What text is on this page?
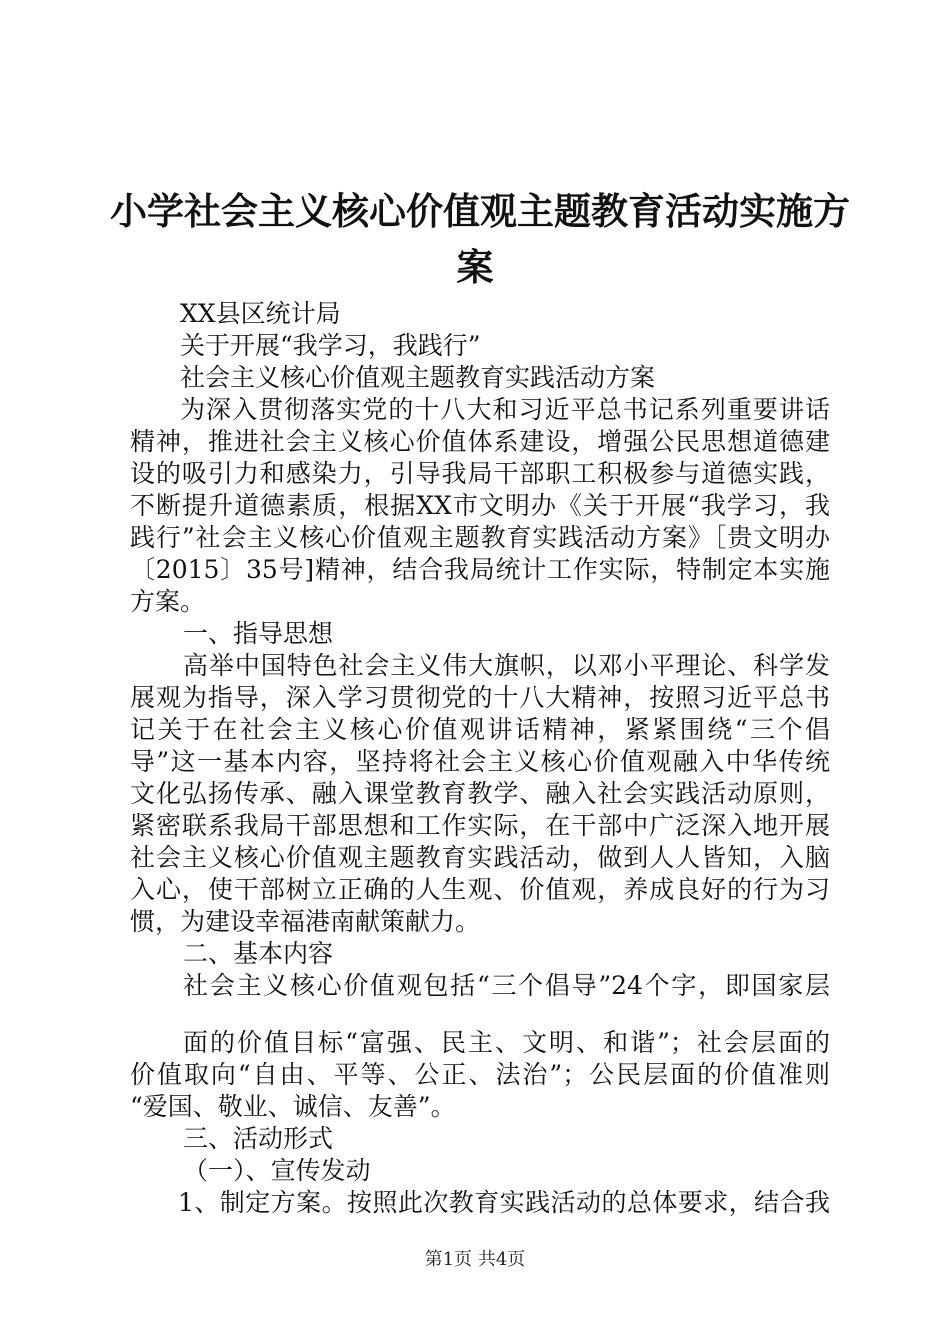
小学社会主义核心价值观主题教育活动实施方
案
XX县区统计局
关于开展“我学习，我践行”
社会主义核心价值观主题教育实践活动方案
为深入贯彻落实党的十八大和习近平总书记系列重要讲话
精神，推进社会主义核心价值体系建设，增强公民思想道德建
设的吸引力和感染力，引导我局干部职工积极参与道德实践，
不断提升道德素质，根据XX市文明办《关于开展“我学习，我
践行”社会主义核心价值观主题教育实践活动方案》［贵文明办
〔2015〕35号]精神，结合我局统计工作实际，特制定本实施
方案。
一、指导思想
高举中国特色社会主义伟大旗帜，以邓小平理论、科学发
展观为指导，深入学习贯彻党的十八大精神，按照习近平总书
记关于在社会主义核心价值观讲话精神，紧紧围绕“三个倡
导”这一基本内容，坚持将社会主义核心价值观融入中华传统
文化弘扬传承、融入课堂教育教学、融入社会实践活动原则，
紧密联系我局干部思想和工作实际，在干部中广泛深入地开展
社会主义核心价值观主题教育实践活动，做到人人皆知，入脑
入心，使干部树立正确的人生观、价值观，养成良好的行为习
惯，为建设幸福港南献策献力。
二、基本内容
社会主义核心价值观包括“三个倡导”24个字，即国家层
面的价值目标“富强、民主、文明、和谐”；社会层面的
价值取向“自由、平等、公正、法治”；公民层面的价值准则
“爱国、敬业、诚信、友善”。
三、活动形式
（一）、宣传发动
1、制定方案。按照此次教育实践活动的总体要求，结合我
第1页 共4页
